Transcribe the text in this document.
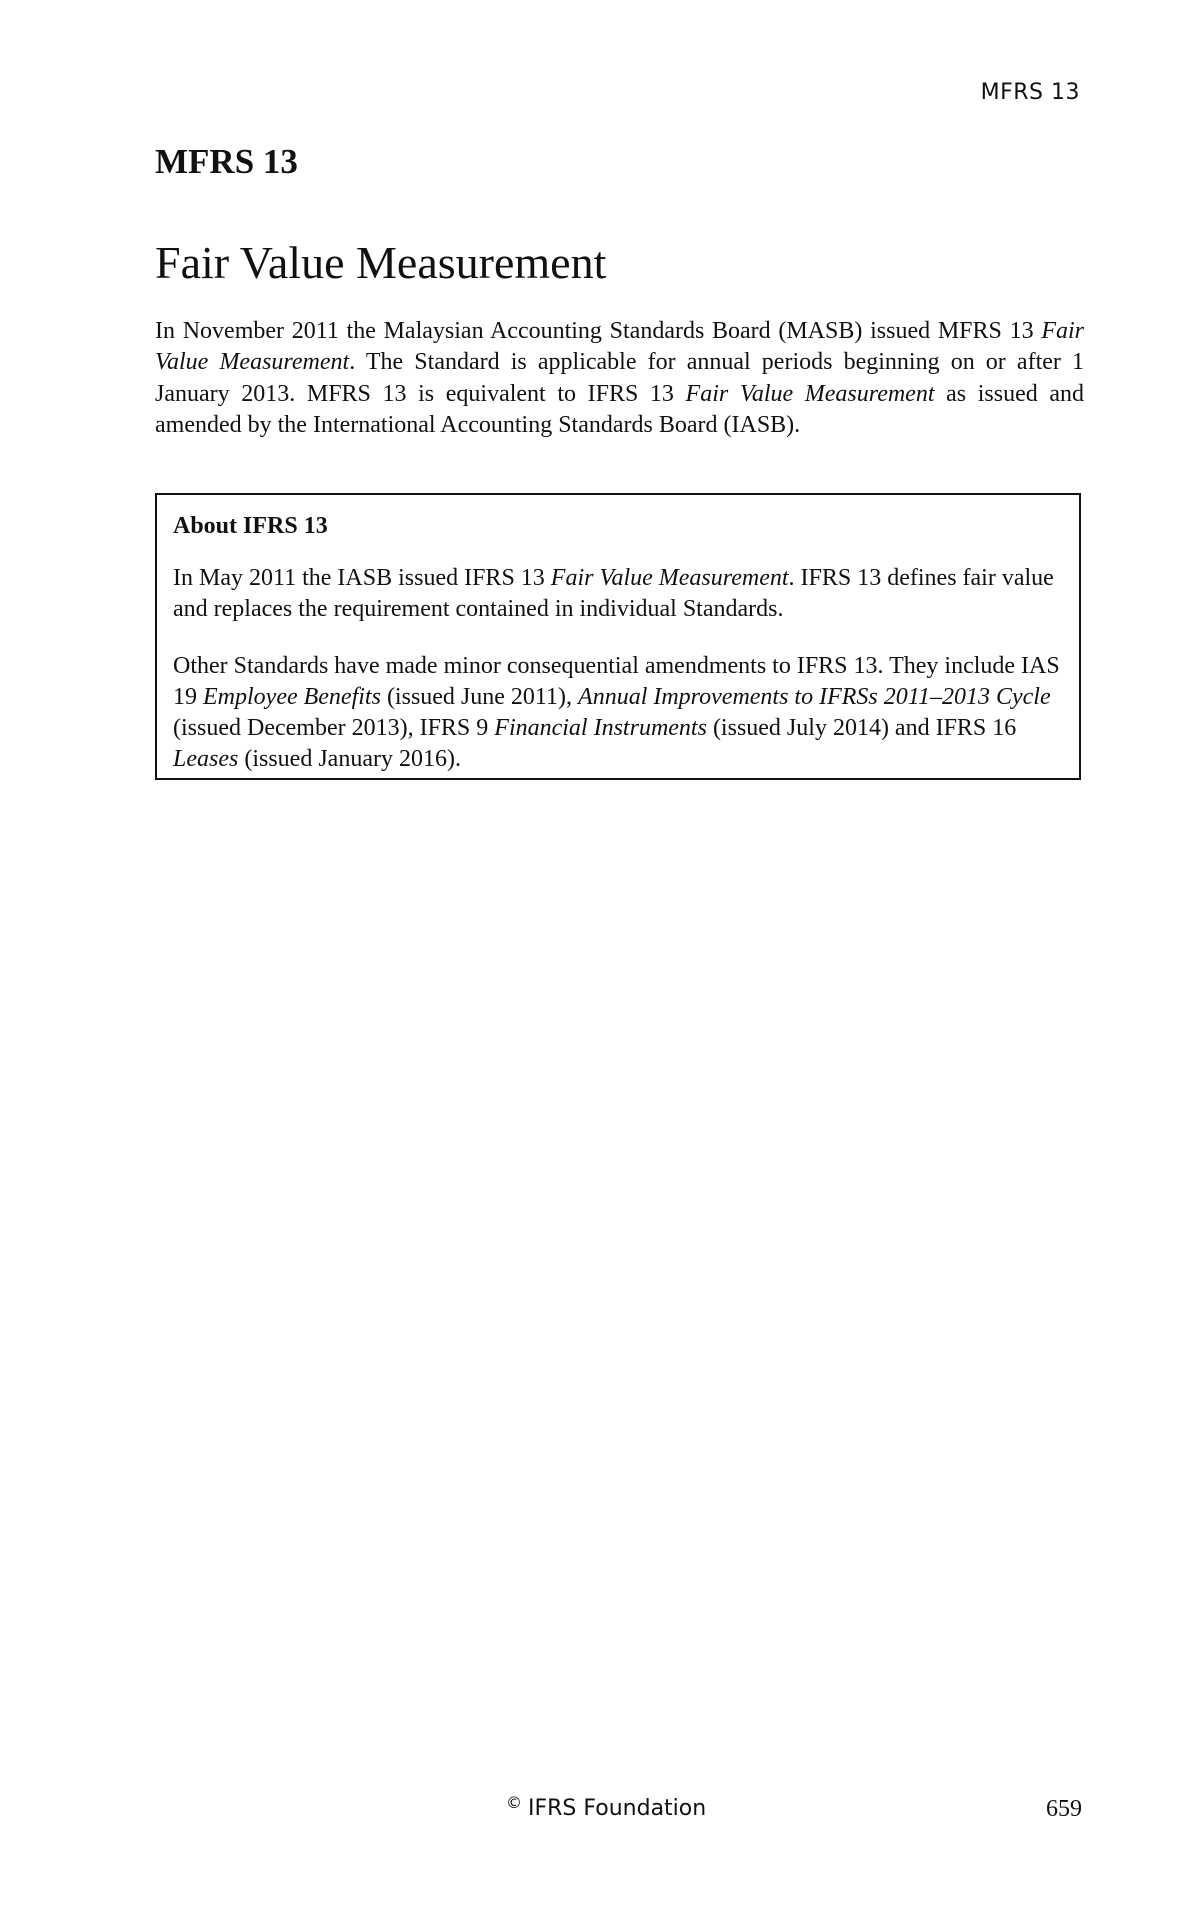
MFRS 13
MFRS 13
Fair Value Measurement

In November 2011 the Malaysian Accounting Standards Board (MASB) issued MFRS 13 Fair Value Measurement. The Standard is applicable for annual periods beginning on or after 1 January 2013. MFRS 13 is equivalent to IFRS 13 Fair Value Measurement as issued and amended by the International Accounting Standards Board (IASB).

About IFRS 13

In May 2011 the IASB issued IFRS 13 Fair Value Measurement. IFRS 13 defines fair value and replaces the requirement contained in individual Standards.

Other Standards have made minor consequential amendments to IFRS 13. They include IAS 19 Employee Benefits (issued June 2011), Annual Improvements to IFRSs 2011–2013 Cycle (issued December 2013), IFRS 9 Financial Instruments (issued July 2014) and IFRS 16 Leases (issued January 2016).

© IFRS Foundation	659
